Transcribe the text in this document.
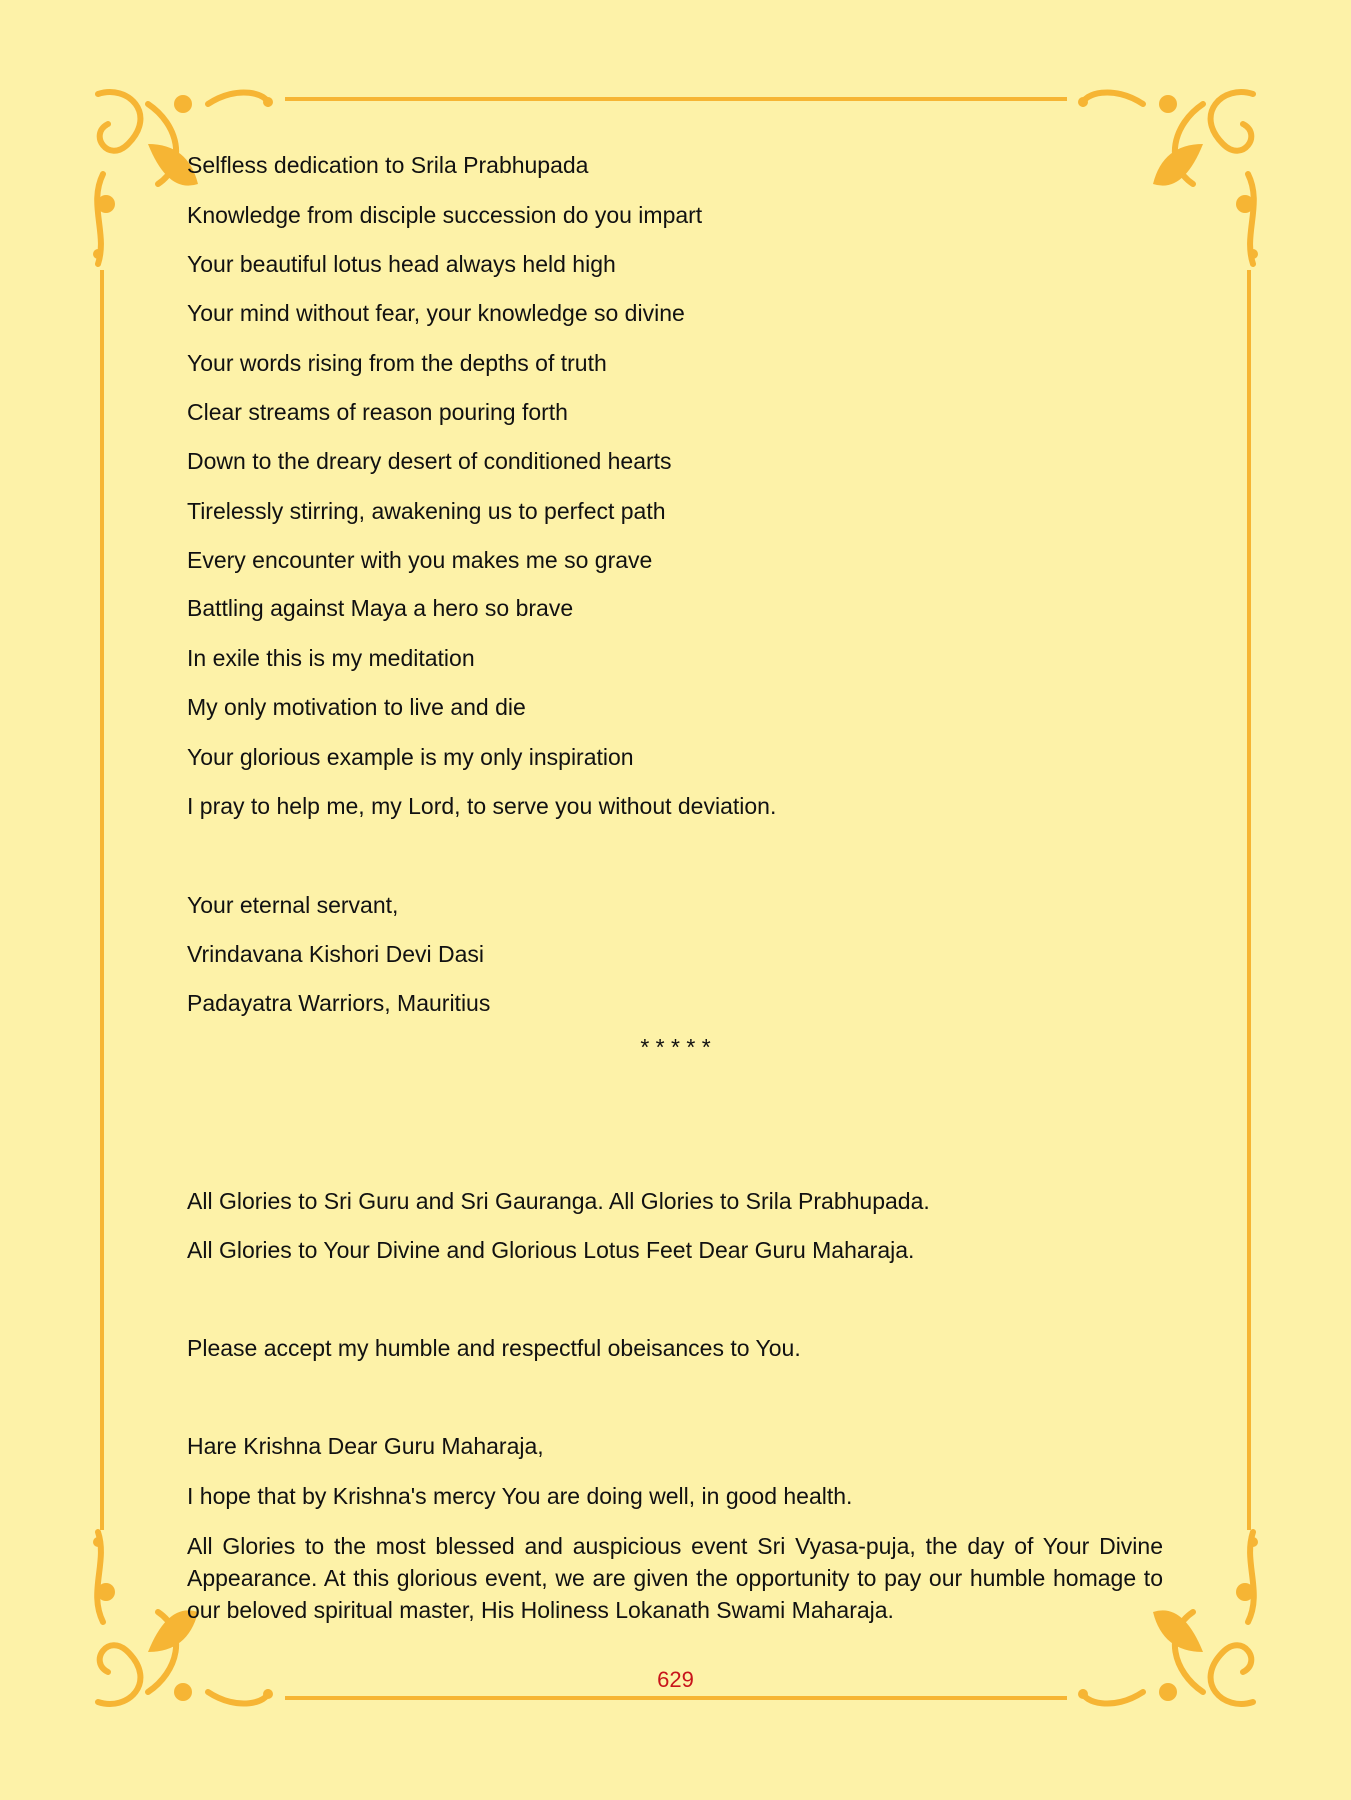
Selfless dedication to Srila Prabhupada
Knowledge from disciple succession do you impart
Your beautiful lotus head always held high
Your mind without fear, your knowledge so divine
Your words rising from the depths of truth
Clear streams of reason pouring forth
Down to the dreary desert of conditioned hearts
Tirelessly stirring, awakening us to perfect path
Every encounter with you makes me so grave
Battling against Maya a hero so brave
In exile this is my meditation
My only motivation to live and die
Your glorious example is my only inspiration
I pray to help me, my Lord, to serve you without deviation.
Your eternal servant,
Vrindavana Kishori Devi Dasi
Padayatra Warriors, Mauritius
* * * * *
All Glories to Sri Guru and Sri Gauranga. All Glories to Srila Prabhupada.
All Glories to Your Divine and Glorious Lotus Feet Dear Guru Maharaja.
Please accept my humble and respectful obeisances to You.
Hare Krishna Dear Guru Maharaja,
I hope that by Krishna's mercy You are doing well, in good health.
All Glories to the most blessed and auspicious event Sri Vyasa-puja, the day of Your Divine Appearance. At this glorious event, we are given the opportunity to pay our humble homage to our beloved spiritual master, His Holiness Lokanath Swami Maharaja.
629
